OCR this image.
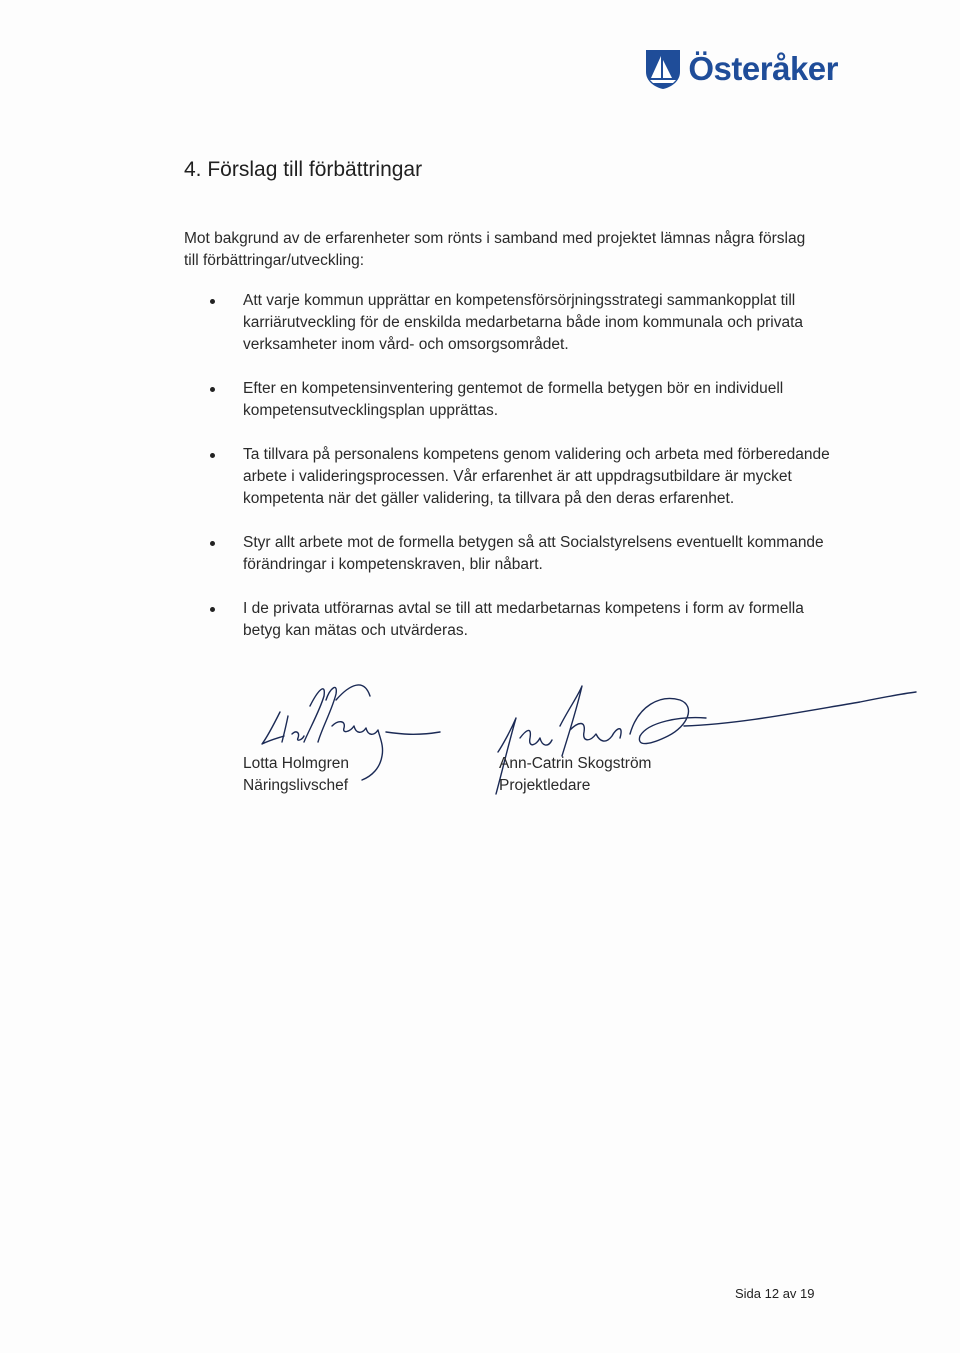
Österåker
4. Förslag till förbättringar
Mot bakgrund av de erfarenheter som rönts i samband med projektet lämnas några förslag till förbättringar/utveckling:
Att varje kommun upprättar en kompetensförsörjningsstrategi sammankopplat till karriärutveckling för de enskilda medarbetarna både inom kommunala och privata verksamheter inom vård- och omsorgsområdet.
Efter en kompetensinventering gentemot de formella betygen bör en individuell kompetensutvecklingsplan upprättas.
Ta tillvara på personalens kompetens genom validering och arbeta med förberedande arbete i valideringsprocessen. Vår erfarenhet är att uppdragsutbildare är mycket kompetenta när det gäller validering, ta tillvara på den deras erfarenhet.
Styr allt arbete mot de formella betygen så att Socialstyrelsens eventuellt kommande förändringar i kompetenskraven, blir nåbart.
I de privata utförarnas avtal se till att medarbetarnas kompetens i form av formella betyg kan mätas och utvärderas.
Lotta Holmgren
Näringslivschef
Ann-Catrin Skogström
Projektledare
Sida 12 av 19
